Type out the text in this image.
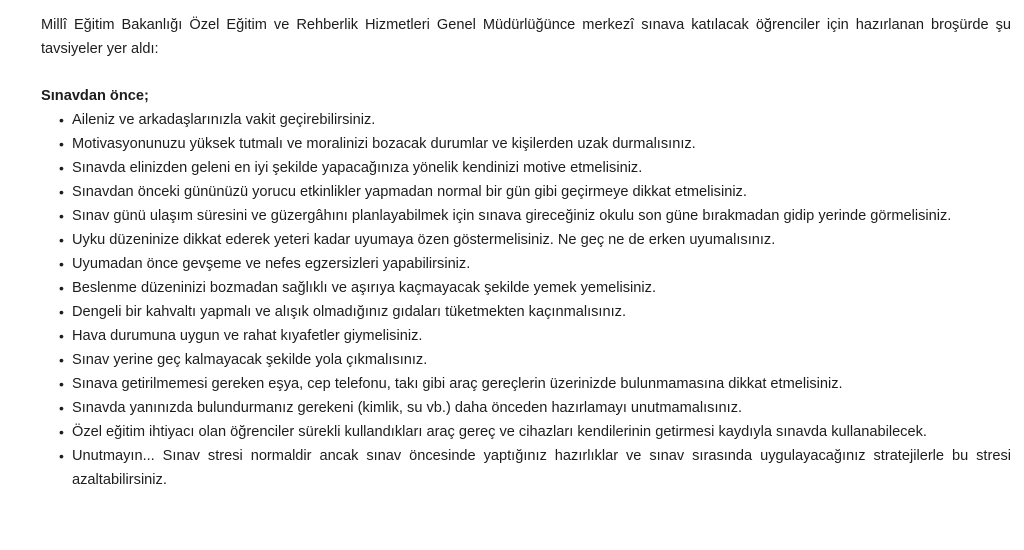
Millî Eğitim Bakanlığı Özel Eğitim ve Rehberlik Hizmetleri Genel Müdürlüğünce merkezî sınava katılacak öğrenciler için hazırlanan broşürde şu tavsiyeler yer aldı:

Sınavdan önce;
• Aileniz ve arkadaşlarınızla vakit geçirebilirsiniz.
• Motivasyonunuzu yüksek tutmalı ve moralinizi bozacak durumlar ve kişilerden uzak durmalısınız.
• Sınavda elinizden geleni en iyi şekilde yapacağınıza yönelik kendinizi motive etmelisiniz.
• Sınavdan önceki gününüzü yorucu etkinlikler yapmadan normal bir gün gibi geçirmeye dikkat etmelisiniz.
• Sınav günü ulaşım süresini ve güzergâhını planlayabilmek için sınava gireceğiniz okulu son güne bırakmadan gidip yerinde görmelisiniz.
• Uyku düzeninize dikkat ederek yeteri kadar uyumaya özen göstermelisiniz. Ne geç ne de erken uyumalısınız.
• Uyumadan önce gevşeme ve nefes egzersizleri yapabilirsiniz.
• Beslenme düzeninizi bozmadan sağlıklı ve aşırıya kaçmayacak şekilde yemek yemelisiniz.
• Dengeli bir kahvaltı yapmalı ve alışık olmadığınız gıdaları tüketmekten kaçınmalısınız.
• Hava durumuna uygun ve rahat kıyafetler giymelisiniz.
• Sınav yerine geç kalmayacak şekilde yola çıkmalısınız.
• Sınava getirilmemesi gereken eşya, cep telefonu, takı gibi araç gereçlerin üzerinizde bulunmamasına dikkat etmelisiniz.
• Sınavda yanınızda bulundurmanız gerekeni (kimlik, su vb.) daha önceden hazırlamayı unutmamalısınız.
• Özel eğitim ihtiyacı olan öğrenciler sürekli kullandıkları araç gereç ve cihazları kendilerinin getirmesi kaydıyla sınavda kullanabilecek.
• Unutmayın... Sınav stresi normaldir ancak sınav öncesinde yaptığınız hazırlıklar ve sınav sırasında uygulayacağınız stratejilerle bu stresi azaltabilirsiniz.
